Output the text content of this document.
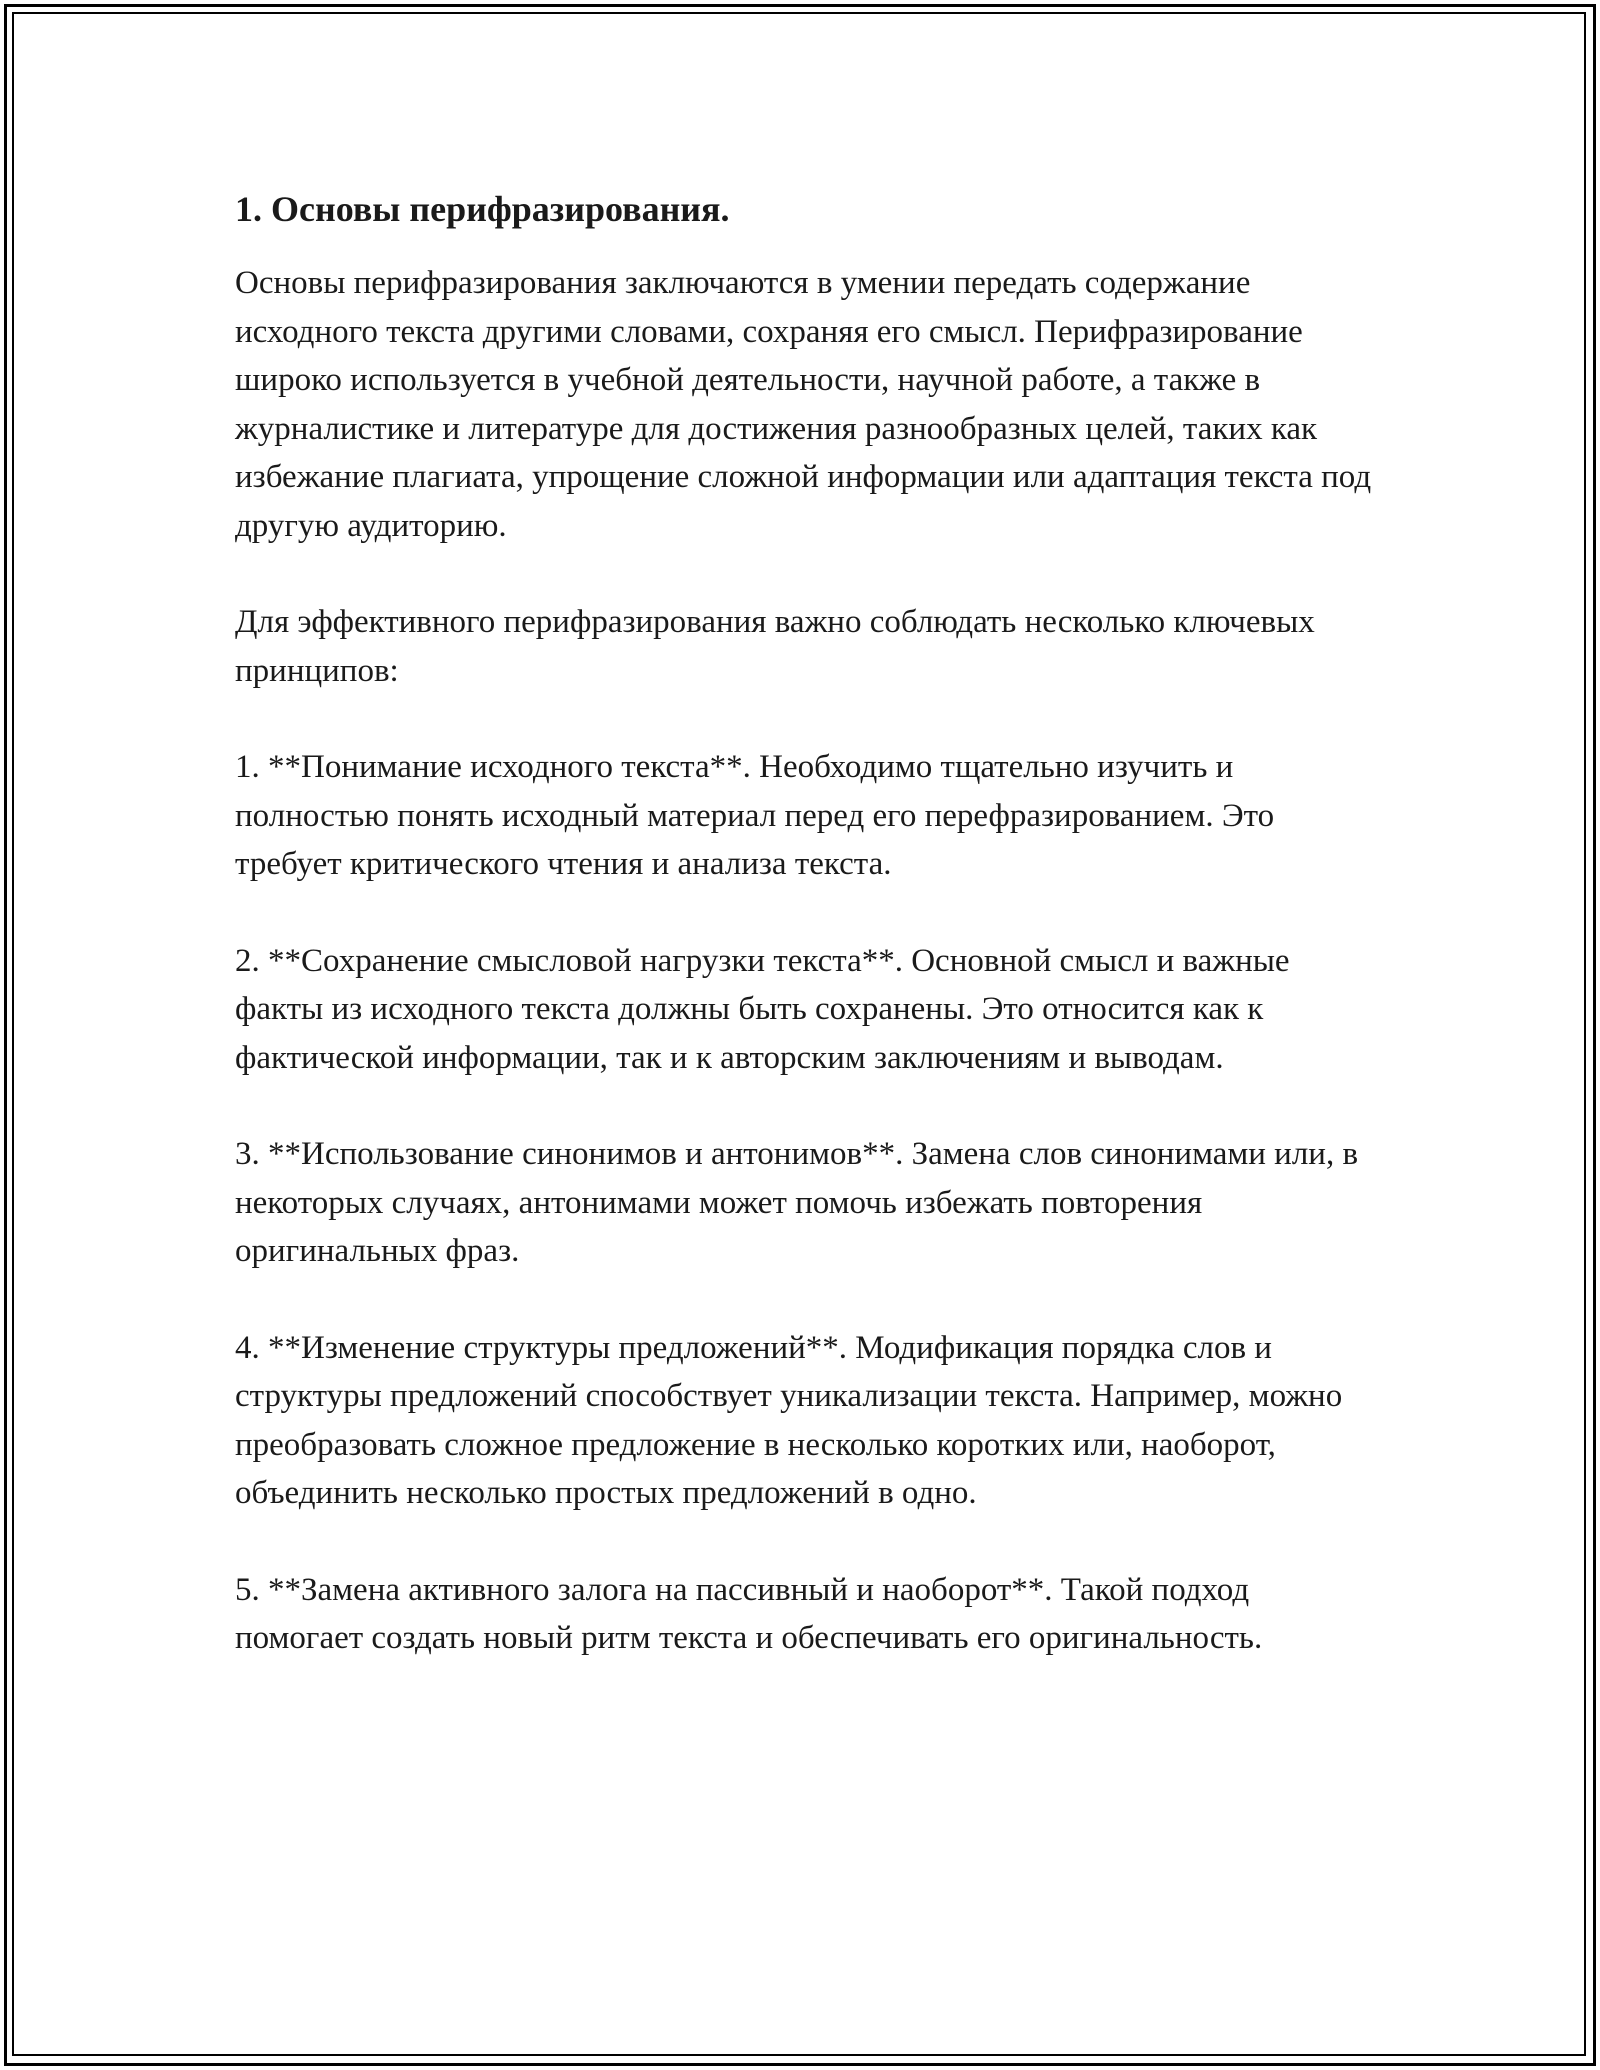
1. Основы перифразирования.

Основы перифразирования заключаются в умении передать содержание исходного текста другими словами, сохраняя его смысл. Перифразирование широко используется в учебной деятельности, научной работе, а также в журналистике и литературе для достижения разнообразных целей, таких как избежание плагиата, упрощение сложной информации или адаптация текста под другую аудиторию.

Для эффективного перифразирования важно соблюдать несколько ключевых принципов:

1. **Понимание исходного текста**. Необходимо тщательно изучить и полностью понять исходный материал перед его перефразированием. Это требует критического чтения и анализа текста.

2. **Сохранение смысловой нагрузки текста**. Основной смысл и важные факты из исходного текста должны быть сохранены. Это относится как к фактической информации, так и к авторским заключениям и выводам.

3. **Использование синонимов и антонимов**. Замена слов синонимами или, в некоторых случаях, антонимами может помочь избежать повторения оригинальных фраз.

4. **Изменение структуры предложений**. Модификация порядка слов и структуры предложений способствует уникализации текста. Например, можно преобразовать сложное предложение в несколько коротких или, наоборот, объединить несколько простых предложений в одно.

5. **Замена активного залога на пассивный и наоборот**. Такой подход помогает создать новый ритм текста и обеспечивать его оригинальность.
